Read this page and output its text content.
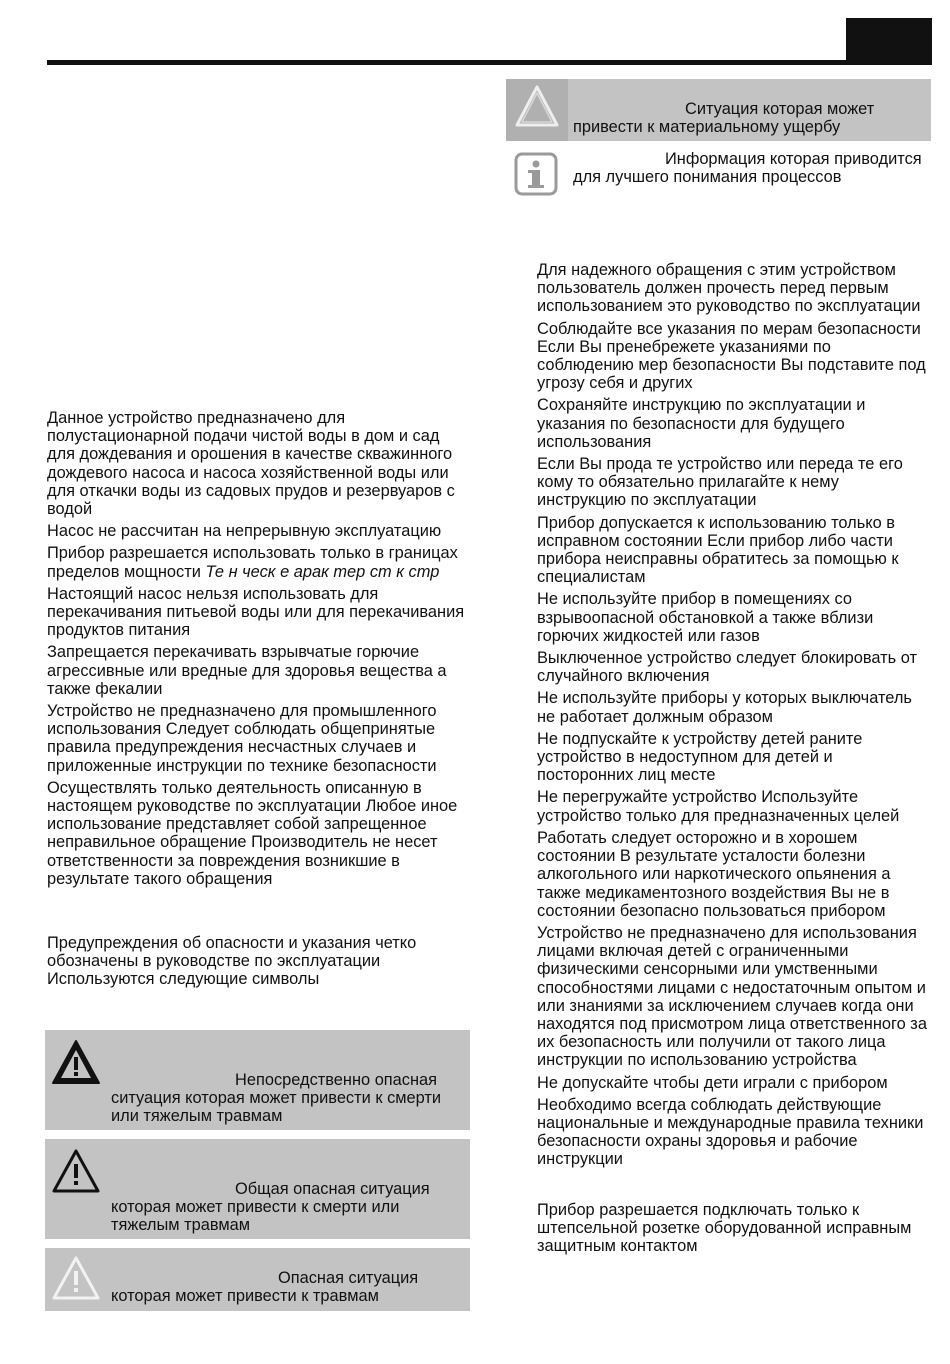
Ситуация которая может привести к материальному ущербу
Информация которая приводится для лучшего понимания процессов

Данное устройство предназначено для полустационарной подачи чистой воды в дом и сад для дождевания и орошения в качестве скважинного дождевого насоса и насоса хозяйственной воды или для откачки воды из садовых прудов и резервуаров с водой

Насос не рассчитан на непрерывную эксплуатацию

Прибор разрешается использовать только в границах пределов мощности Те н ческ е арак тер ст к стр

Настоящий насос нельзя использовать для перекачивания питьевой воды или для перекачивания продуктов питания

Запрещается перекачивать взрывчатые горючие агрессивные или вредные для здоровья вещества а также фекалии

Устройство не предназначено для промышленного использования Следует соблюдать общепринятые правила предупреждения несчастных случаев и приложенные инструкции по технике безопасности

Осуществлять только деятельность описанную в настоящем руководстве по эксплуатации Любое иное использование представляет собой запрещенное неправильное обращение Производитель не несет ответственности за повреждения возникшие в результате такого обращения

Предупреждения об опасности и указания четко обозначены в руководстве по эксплуатации Используются следующие символы

Непосредственно опасная ситуация которая может привести к смерти или тяжелым травмам
Общая опасная ситуация которая может привести к смерти или тяжелым травмам
Опасная ситуация которая может привести к травмам

Для надежного обращения с этим устройством пользователь должен прочесть перед первым использованием это руководство по эксплуатации

Соблюдайте все указания по мерам безопасности Если Вы пренебрежете указаниями по соблюдению мер безопасности Вы подставите под угрозу себя и других

Сохраняйте инструкцию по эксплуатации и указания по безопасности для будущего использования

Если Вы прода те устройство или переда те его кому то обязательно прилагайте к нему инструкцию по эксплуатации

Прибор допускается к использованию только в исправном состоянии Если прибор либо части прибора неисправны обратитесь за помощью к специалистам

Не используйте прибор в помещениях со взрывоопасной обстановкой а также вблизи горючих жидкостей или газов

Выключенное устройство следует блокировать от случайного включения

Не используйте приборы у которых выключатель не работает должным образом

Не подпускайте к устройству детей раните устройство в недоступном для детей и посторонних лиц месте

Не перегружайте устройство Используйте устройство только для предназначенных целей

Работать следует осторожно и в хорошем состоянии В результате усталости болезни алкогольного или наркотического опьянения а также медикаментозного воздействия Вы не в состоянии безопасно пользоваться прибором

Устройство не предназначено для использования лицами включая детей с ограниченными физическими сенсорными или умственными способностями лицами с недостаточным опытом и или знаниями за исключением случаев когда они находятся под присмотром лица ответственного за их безопасность или получили от такого лица инструкции по использованию устройства

Не допускайте чтобы дети играли с прибором

Необходимо всегда соблюдать действующие национальные и международные правила техники безопасности охраны здоровья и рабочие инструкции

Прибор разрешается подключать только к штепсельной розетке оборудованной исправным защитным контактом
